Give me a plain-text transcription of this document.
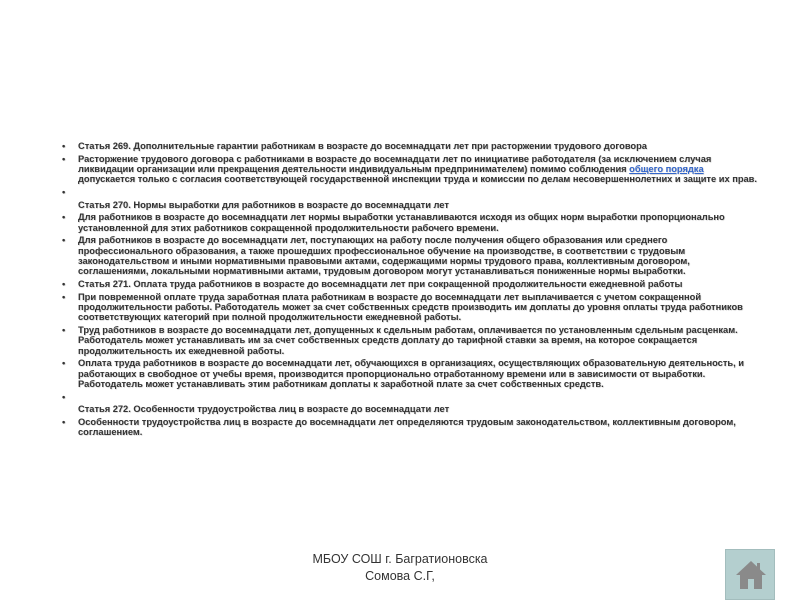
• Статья 269. Дополнительные гарантии работникам в возрасте до восемнадцати лет при расторжении трудового договора
• Расторжение трудового договора с работниками в возрасте до восемнадцати лет по инициативе работодателя (за исключением случая ликвидации организации или прекращения деятельности индивидуальным предпринимателем) помимо соблюдения общего порядка допускается только с согласия соответствующей государственной инспекции труда и комиссии по делам несовершеннолетних и защите их прав.
•
Статья 270. Нормы выработки для работников в возрасте до восемнадцати лет
• Для работников в возрасте до восемнадцати лет нормы выработки устанавливаются исходя из общих норм выработки пропорционально установленной для этих работников сокращенной продолжительности рабочего времени.
• Для работников в возрасте до восемнадцати лет, поступающих на работу после получения общего образования или среднего профессионального образования, а также прошедших профессиональное обучение на производстве, в соответствии с трудовым законодательством и иными нормативными правовыми актами, содержащими нормы трудового права, коллективным договором, соглашениями, локальными нормативными актами, трудовым договором могут устанавливаться пониженные нормы выработки.
• Статья 271. Оплата труда работников в возрасте до восемнадцати лет при сокращенной продолжительности ежедневной работы
• При повременной оплате труда заработная плата работникам в возрасте до восемнадцати лет выплачивается с учетом сокращенной продолжительности работы. Работодатель может за счет собственных средств производить им доплаты до уровня оплаты труда работников соответствующих категорий при полной продолжительности ежедневной работы.
• Труд работников в возрасте до восемнадцати лет, допущенных к сдельным работам, оплачивается по установленным сдельным расценкам. Работодатель может устанавливать им за счет собственных средств доплату до тарифной ставки за время, на которое сокращается продолжительность их ежедневной работы.
• Оплата труда работников в возрасте до восемнадцати лет, обучающихся в организациях, осуществляющих образовательную деятельность, и работающих в свободное от учебы время, производится пропорционально отработанному времени или в зависимости от выработки. Работодатель может устанавливать этим работникам доплаты к заработной плате за счет собственных средств.
•
Статья 272. Особенности трудоустройства лиц в возрасте до восемнадцати лет
• Особенности трудоустройства лиц в возрасте до восемнадцати лет определяются трудовым законодательством, коллективным договором, соглашением.
МБОУ СОШ г. Багратионовска
Сомова С.Г,
